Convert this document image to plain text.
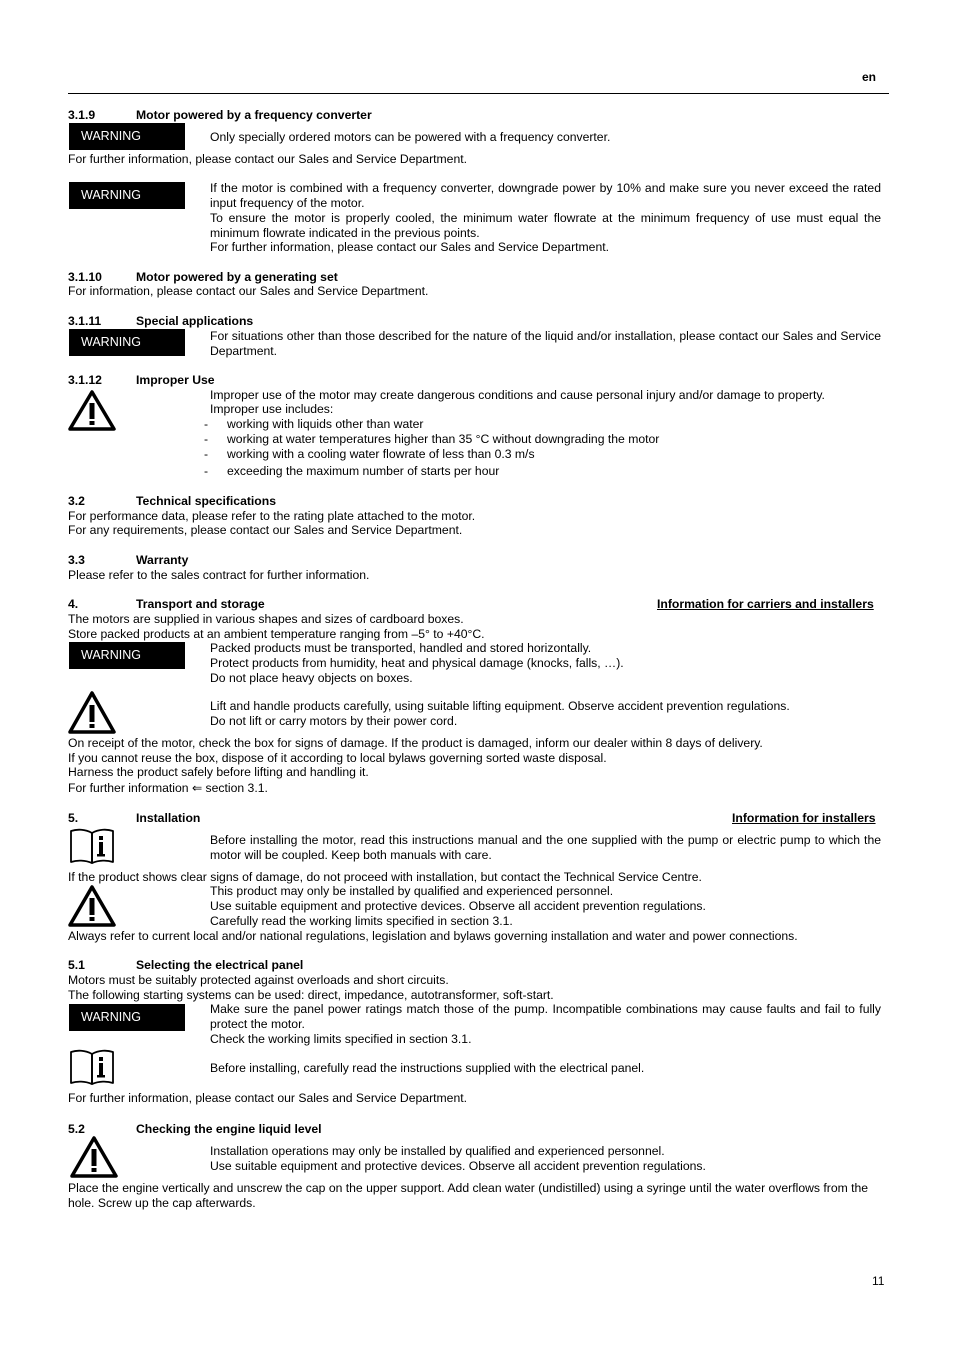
en
3.1.9	Motor powered by a frequency converter
WARNING	Only specially ordered motors can be powered with a frequency converter.
For further information, please contact our Sales and Service Department.
WARNING	If the motor is combined with a frequency converter, downgrade power by 10% and make sure you never exceed the rated input frequency of the motor.
To ensure the motor is properly cooled, the minimum water flowrate at the minimum frequency of use must equal the minimum flowrate indicated in the previous points.
For further information, please contact our Sales and Service Department.
3.1.10	Motor powered by a generating set
For information, please contact our Sales and Service Department.
3.1.11	Special applications
WARNING	For situations other than those described for the nature of the liquid and/or installation, please contact our Sales and Service Department.
3.1.12	Improper Use
Improper use of the motor may create dangerous conditions and cause personal injury and/or damage to property.
Improper use includes:
- working with liquids other than water
- working at water temperatures higher than 35 °C without downgrading the motor
- working with a cooling water flowrate of less than 0.3 m/s
- exceeding the maximum number of starts per hour
3.2	Technical specifications
For performance data, please refer to the rating plate attached to the motor.
For any requirements, please contact our Sales and Service Department.
3.3	Warranty
Please refer to the sales contract for further information.
4.	Transport and storage	Information for carriers and installers
The motors are supplied in various shapes and sizes of cardboard boxes.
Store packed products at an ambient temperature ranging from –5° to +40°C.
WARNING	Packed products must be transported, handled and stored horizontally.
Protect products from humidity, heat and physical damage (knocks, falls, …).
Do not place heavy objects on boxes.
Lift and handle products carefully, using suitable lifting equipment. Observe accident prevention regulations.
Do not lift or carry motors by their power cord.
On receipt of the motor, check the box for signs of damage. If the product is damaged, inform our dealer within 8 days of delivery.
If you cannot reuse the box, dispose of it according to local bylaws governing sorted waste disposal.
Harness the product safely before lifting and handling it.
For further information ⇐ section 3.1.
5.	Installation	Information for installers
Before installing the motor, read this instructions manual and the one supplied with the pump or electric pump to which the motor will be coupled. Keep both manuals with care.
If the product shows clear signs of damage, do not proceed with installation, but contact the Technical Service Centre.
This product may only be installed by qualified and experienced personnel.
Use suitable equipment and protective devices. Observe all accident prevention regulations.
Carefully read the working limits specified in section 3.1.
Always refer to current local and/or national regulations, legislation and bylaws governing installation and water and power connections.
5.1	Selecting the electrical panel
Motors must be suitably protected against overloads and short circuits.
The following starting systems can be used: direct, impedance, autotransformer, soft-start.
WARNING
Make sure the panel power ratings match those of the pump. Incompatible combinations may cause faults and fail to fully protect the motor.
Check the working limits specified in section 3.1.
Before installing, carefully read the instructions supplied with the electrical panel.
For further information, please contact our Sales and Service Department.
5.2	Checking the engine liquid level
Installation operations may only be installed by qualified and experienced personnel.
Use suitable equipment and protective devices. Observe all accident prevention regulations.
Place the engine vertically and unscrew the cap on the upper support. Add clean water (undistilled) using a syringe until the water overflows from the hole. Screw up the cap afterwards.
11
